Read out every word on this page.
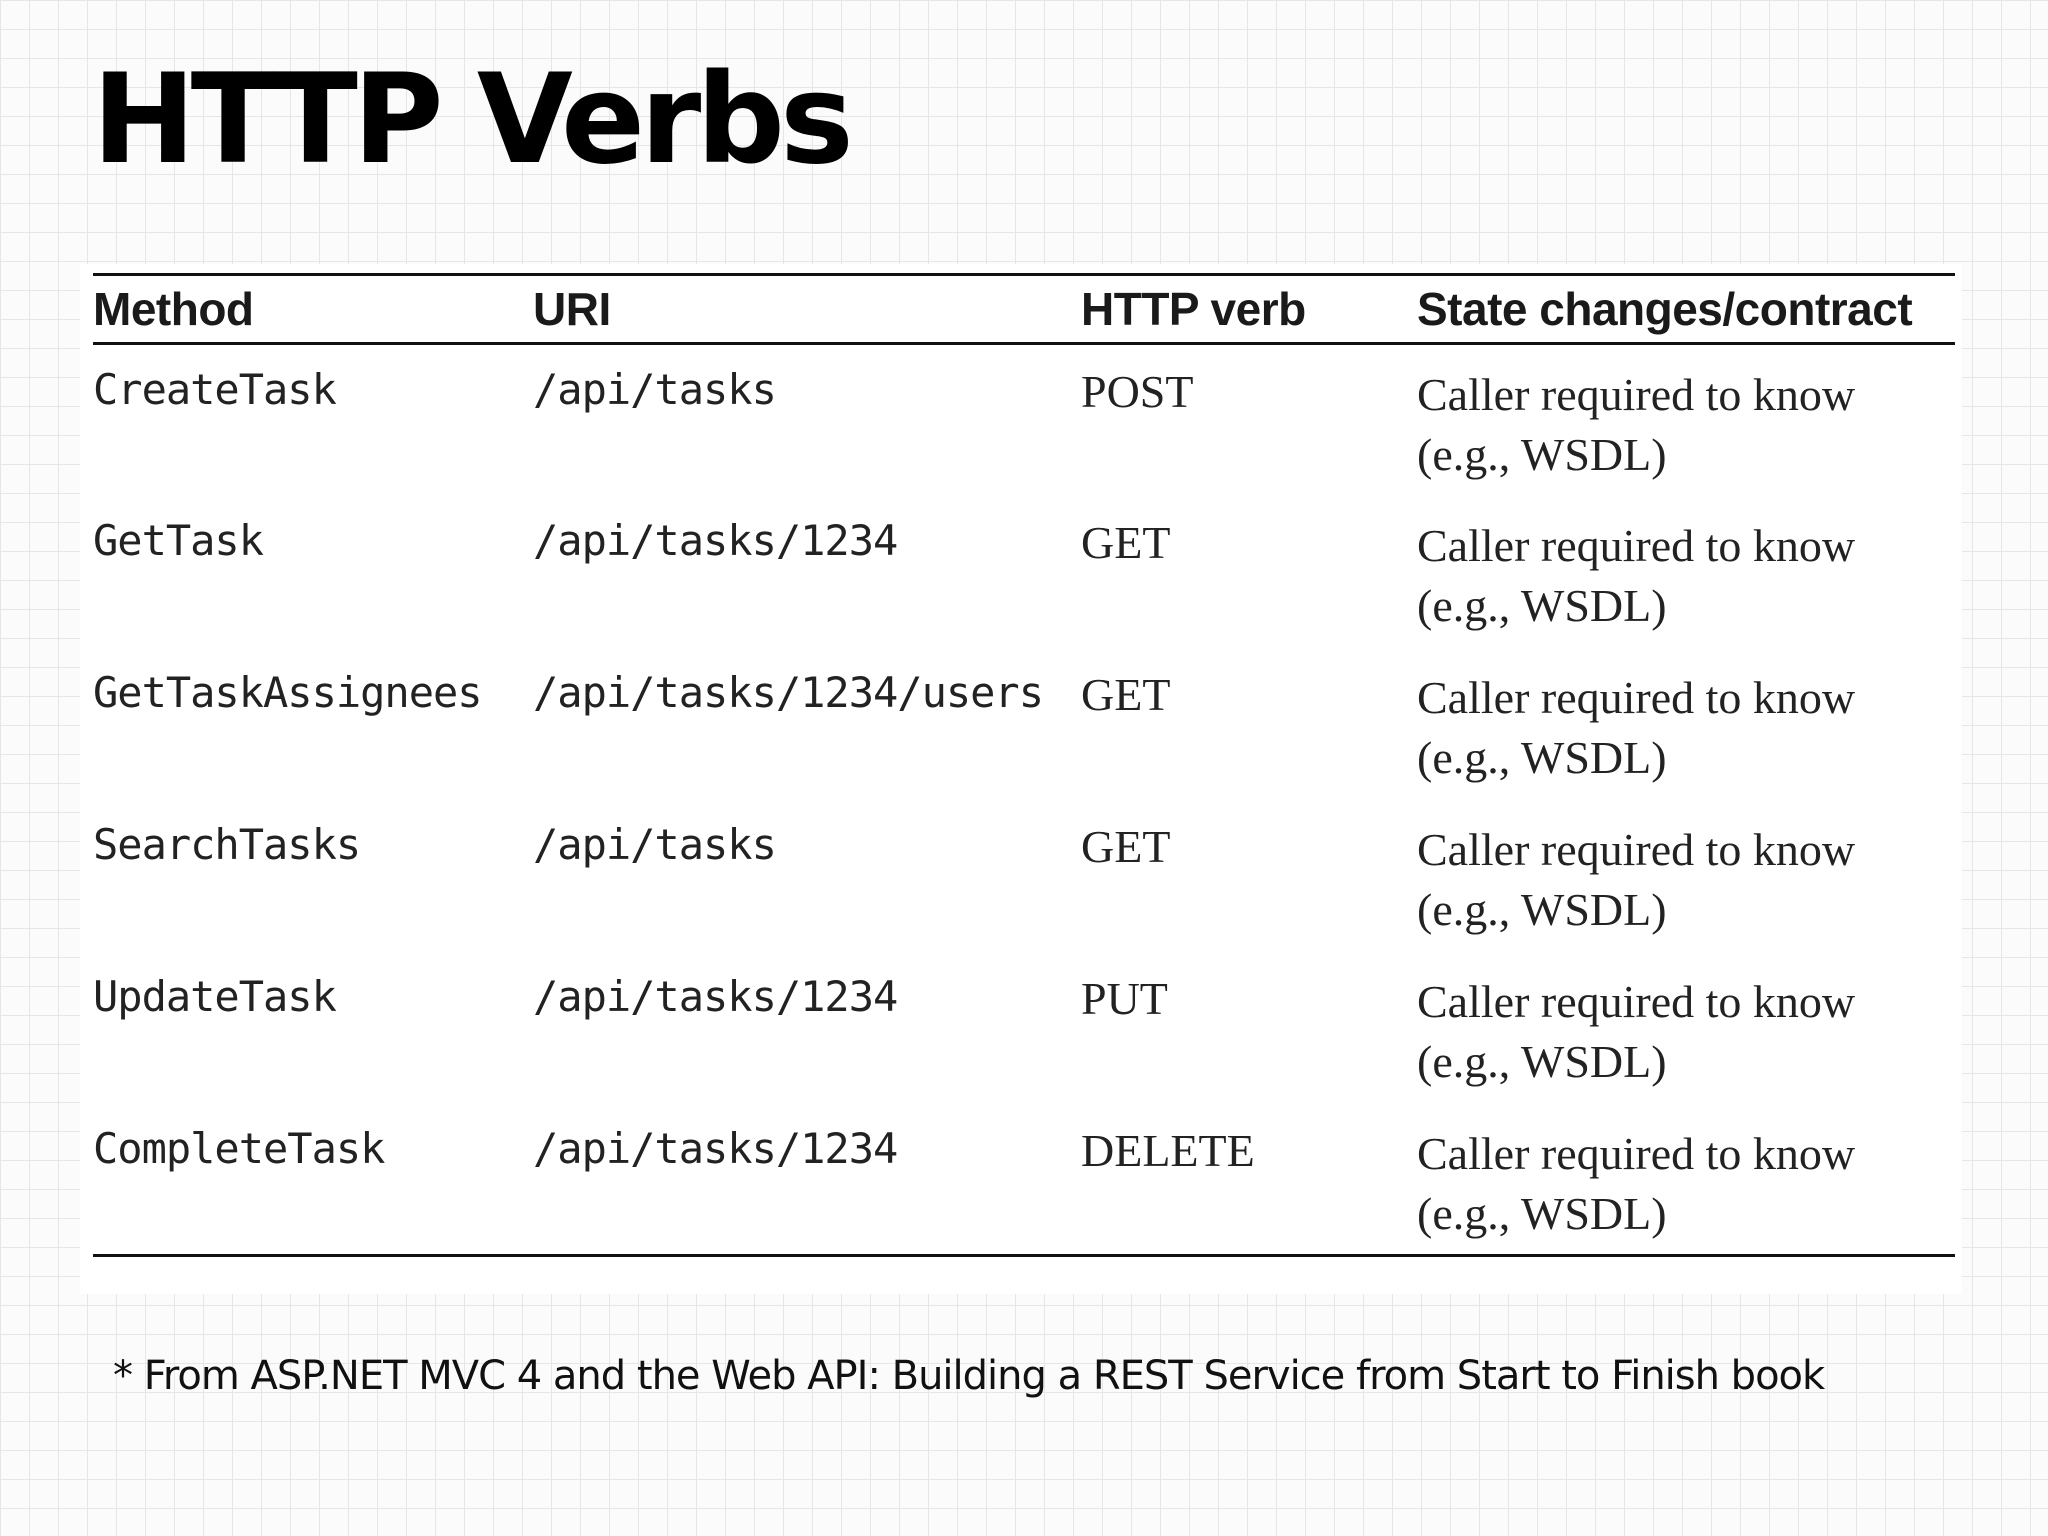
HTTP Verbs
Method	URI	HTTP verb	State changes/contract
CreateTask	/api/tasks	POST	Caller required to know
(e.g., WSDL)

GetTask	/api/tasks/1234	GET	Caller required to know
(e.g., WSDL)

GetTaskAssignees	/api/tasks/1234/users	GET	Caller required to know
(e.g., WSDL)

SearchTasks	/api/tasks	GET	Caller required to know
(e.g., WSDL)

UpdateTask	/api/tasks/1234	PUT	Caller required to know
(e.g., WSDL)

CompleteTask	/api/tasks/1234	DELETE	Caller required to know
(e.g., WSDL)

* From ASP.NET MVC 4 and the Web API: Building a REST Service from Start to Finish book
